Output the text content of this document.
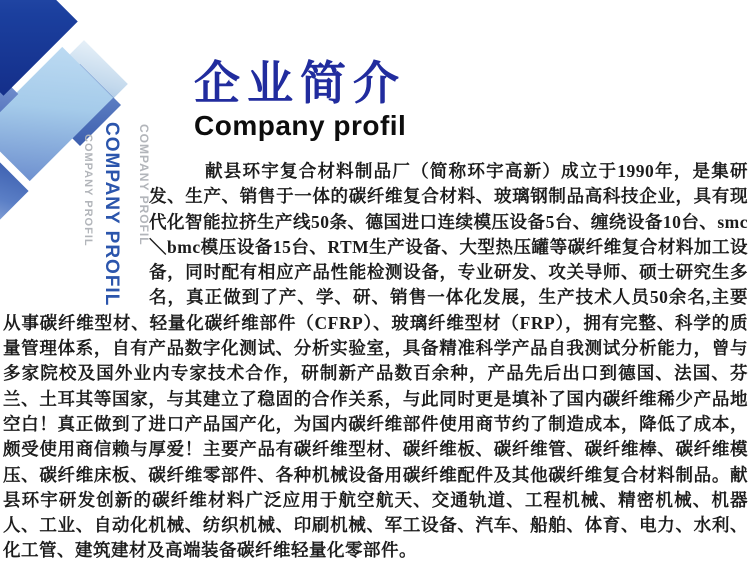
COMPANY PROFIL COMPANY PROFIL COMPANY PROFIL
企业简介
Company profil

献县环宇复合材料制品厂（简称环宇高新）成立于1990年，是集研发、生产、销售于一体的碳纤维复合材料、玻璃钢制品高科技企业，具有现代化智能拉挤生产线50条、德国进口连续模压设备5台、缠绕设备10台、smc＼bmc模压设备15台、RTM生产设备、大型热压罐等碳纤维复合材料加工设备，同时配有相应产品性能检测设备，专业研发、攻关导师、硕士研究生多名，真正做到了产、学、研、销售一体化发展，生产技术人员50余名,主要从事碳纤维型材、轻量化碳纤维部件（CFRP）、玻璃纤维型材（FRP），拥有完整、科学的质量管理体系，自有产品数字化测试、分析实验室，具备精准科学产品自我测试分析能力，曾与多家院校及国外业内专家技术合作，研制新产品数百余种，产品先后出口到德国、法国、芬兰、土耳其等国家，与其建立了稳固的合作关系，与此同时更是填补了国内碳纤维稀少产品地空白！真正做到了进口产品国产化，为国内碳纤维部件使用商节约了制造成本，降低了成本，颇受使用商信赖与厚爱！主要产品有碳纤维型材、碳纤维板、碳纤维管、碳纤维棒、碳纤维模压、碳纤维床板、碳纤维零部件、各种机械设备用碳纤维配件及其他碳纤维复合材料制品。献县环宇研发创新的碳纤维材料广泛应用于航空航天、交通轨道、工程机械、精密机械、机器人、工业、自动化机械、纺织机械、印刷机械、军工设备、汽车、船舶、体育、电力、水利、化工管、建筑建材及高端装备碳纤维轻量化零部件。
